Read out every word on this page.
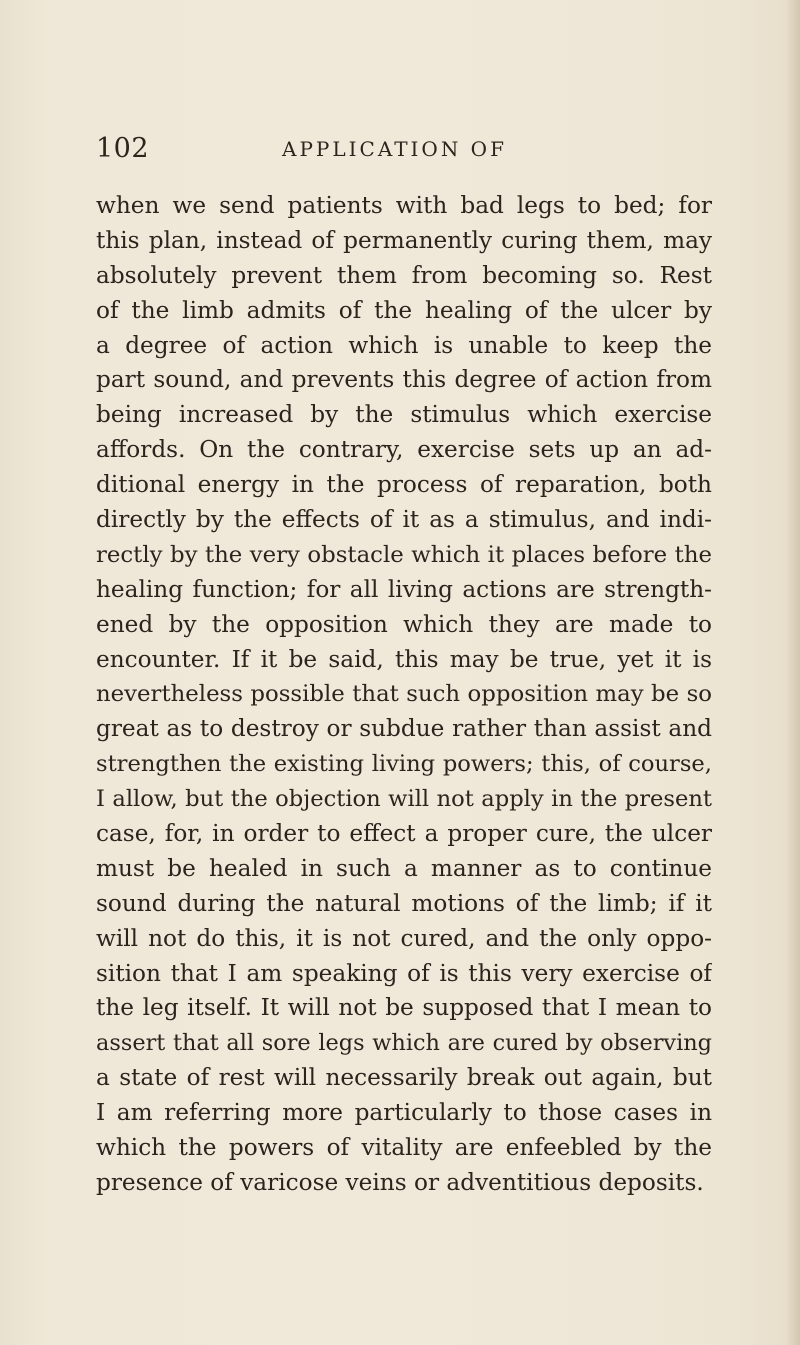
102	APPLICATION OF
when we send patients with bad legs to bed; for
this plan, instead of permanently curing them, may
absolutely prevent them from becoming so. Rest
of the limb admits of the healing of the ulcer by
a degree of action which is unable to keep the
part sound, and prevents this degree of action from
being increased by the stimulus which exercise
affords. On the contrary, exercise sets up an ad-
ditional energy in the process of reparation, both
directly by the effects of it as a stimulus, and indi-
rectly by the very obstacle which it places before the
healing function; for all living actions are strength-
ened by the opposition which they are made to
encounter. If it be said, this may be true, yet it is
nevertheless possible that such opposition may be so
great as to destroy or subdue rather than assist and
strengthen the existing living powers; this, of course,
I allow, but the objection will not apply in the present
case, for, in order to effect a proper cure, the ulcer
must be healed in such a manner as to continue
sound during the natural motions of the limb; if it
will not do this, it is not cured, and the only oppo-
sition that I am speaking of is this very exercise of
the leg itself. It will not be supposed that I mean to
assert that all sore legs which are cured by observing
a state of rest will necessarily break out again, but
I am referring more particularly to those cases in
which the powers of vitality are enfeebled by the
presence of varicose veins or adventitious deposits.
